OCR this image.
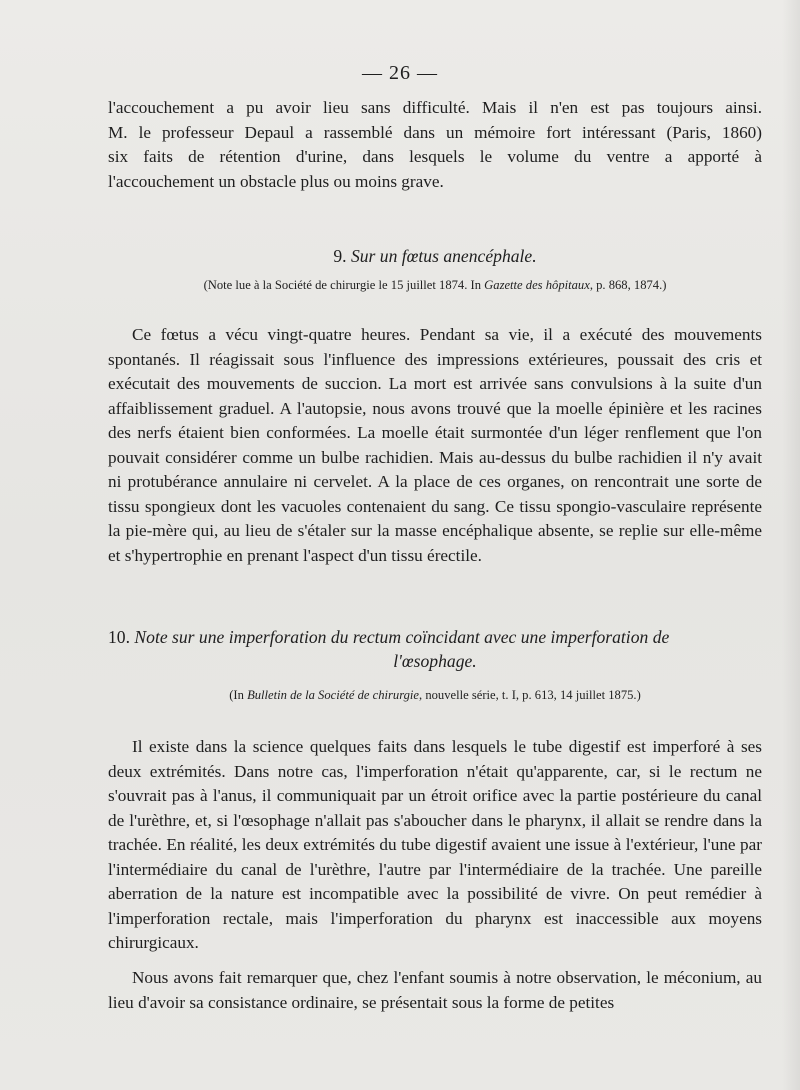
— 26 —

l'accouchement a pu avoir lieu sans difficulté. Mais il n'en est pas toujours ainsi.

M. le professeur Depaul a rassemblé dans un mémoire fort intéressant (Paris, 1860)

six faits de rétention d'urine, dans lesquels le volume du ventre a apporté à

l'accouchement un obstacle plus ou moins grave.

9. Sur un fœtus anencéphale.

(Note lue à la Société de chirurgie le 15 juillet 1874. In Gazette des hôpitaux, p. 868, 1874.)

Ce fœtus a vécu vingt-quatre heures. Pendant sa vie, il a exécuté des mouvements spontanés. Il réagissait sous l'influence des impressions extérieures, poussait des cris et exécutait des mouvements de succion. La mort est arrivée sans convulsions à la suite d'un affaiblissement graduel. A l'autopsie, nous avons trouvé que la moelle épinière et les racines des nerfs étaient bien conformées. La moelle était surmontée d'un léger renflement que l'on pouvait considérer comme un bulbe rachidien. Mais au-dessus du bulbe rachidien il n'y avait ni protubérance annulaire ni cervelet. A la place de ces organes, on rencontrait une sorte de tissu spongieux dont les vacuoles contenaient du sang. Ce tissu spongio-vasculaire représente la pie-mère qui, au lieu de s'étaler sur la masse encéphalique absente, se replie sur elle-même et s'hypertrophie en prenant l'aspect d'un tissu érectile.

10. Note sur une imperforation du rectum coïncidant avec une imperforation de
l'œsophage.

(In Bulletin de la Société de chirurgie, nouvelle série, t. I, p. 613, 14 juillet 1875.)

Il existe dans la science quelques faits dans lesquels le tube digestif est imperforé à ses deux extrémités. Dans notre cas, l'imperforation n'était qu'apparente, car, si le rectum ne s'ouvrait pas à l'anus, il communiquait par un étroit orifice avec la partie postérieure du canal de l'urèthre, et, si l'œsophage n'allait pas s'aboucher dans le pharynx, il allait se rendre dans la trachée. En réalité, les deux extrémités du tube digestif avaient une issue à l'extérieur, l'une par l'intermédiaire du canal de l'urèthre, l'autre par l'intermédiaire de la trachée. Une pareille aberration de la nature est incompatible avec la possibilité de vivre. On peut remédier à l'imperforation rectale, mais l'imperforation du pharynx est inaccessible aux moyens chirurgicaux.

Nous avons fait remarquer que, chez l'enfant soumis à notre observation, le méconium, au lieu d'avoir sa consistance ordinaire, se présentait sous la forme de petites
